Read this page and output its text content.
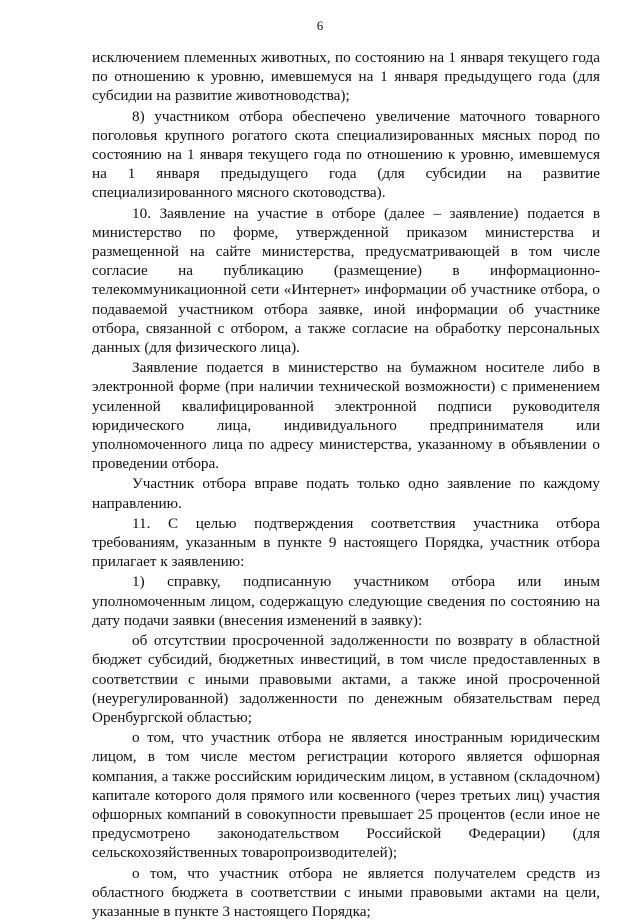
6

исключением племенных животных, по состоянию на 1 января текущего года по отношению к уровню, имевшемуся на 1 января предыдущего года (для субсидии на развитие животноводства);

8) участником отбора обеспечено увеличение маточного товарного поголовья крупного рогатого скота специализированных мясных пород по состоянию на 1 января текущего года по отношению к уровню, имевшемуся на 1 января предыдущего года (для субсидии на развитие специализированного мясного скотоводства).

10. Заявление на участие в отборе (далее – заявление) подается в министерство по форме, утвержденной приказом министерства и размещенной на сайте министерства, предусматривающей в том числе согласие на публикацию (размещение) в информационно-телекоммуникационной сети «Интернет» информации об участнике отбора, о подаваемой участником отбора заявке, иной информации об участнике отбора, связанной с отбором, а также согласие на обработку персональных данных (для физического лица).

Заявление подается в министерство на бумажном носителе либо в электронной форме (при наличии технической возможности) с применением усиленной квалифицированной электронной подписи руководителя юридического лица, индивидуального предпринимателя или уполномоченного лица по адресу министерства, указанному в объявлении о проведении отбора.

Участник отбора вправе подать только одно заявление по каждому направлению.

11. С целью подтверждения соответствия участника отбора требованиям, указанным в пункте 9 настоящего Порядка, участник отбора прилагает к заявлению:

1) справку, подписанную участником отбора или иным уполномоченным лицом, содержащую следующие сведения по состоянию на дату подачи заявки (внесения изменений в заявку):

об отсутствии просроченной задолженности по возврату в областной бюджет субсидий, бюджетных инвестиций, в том числе предоставленных в соответствии с иными правовыми актами, а также иной просроченной (неурегулированной) задолженности по денежным обязательствам перед Оренбургской областью;

о том, что участник отбора не является иностранным юридическим лицом, в том числе местом регистрации которого является офшорная компания, а также российским юридическим лицом, в уставном (складочном) капитале которого доля прямого или косвенного (через третьих лиц) участия офшорных компаний в совокупности превышает 25 процентов (если иное не предусмотрено законодательством Российской Федерации) (для сельскохозяйственных товаропроизводителей);

о том, что участник отбора не является получателем средств из областного бюджета в соответствии с иными правовыми актами на цели, указанные в пункте 3 настоящего Порядка;
